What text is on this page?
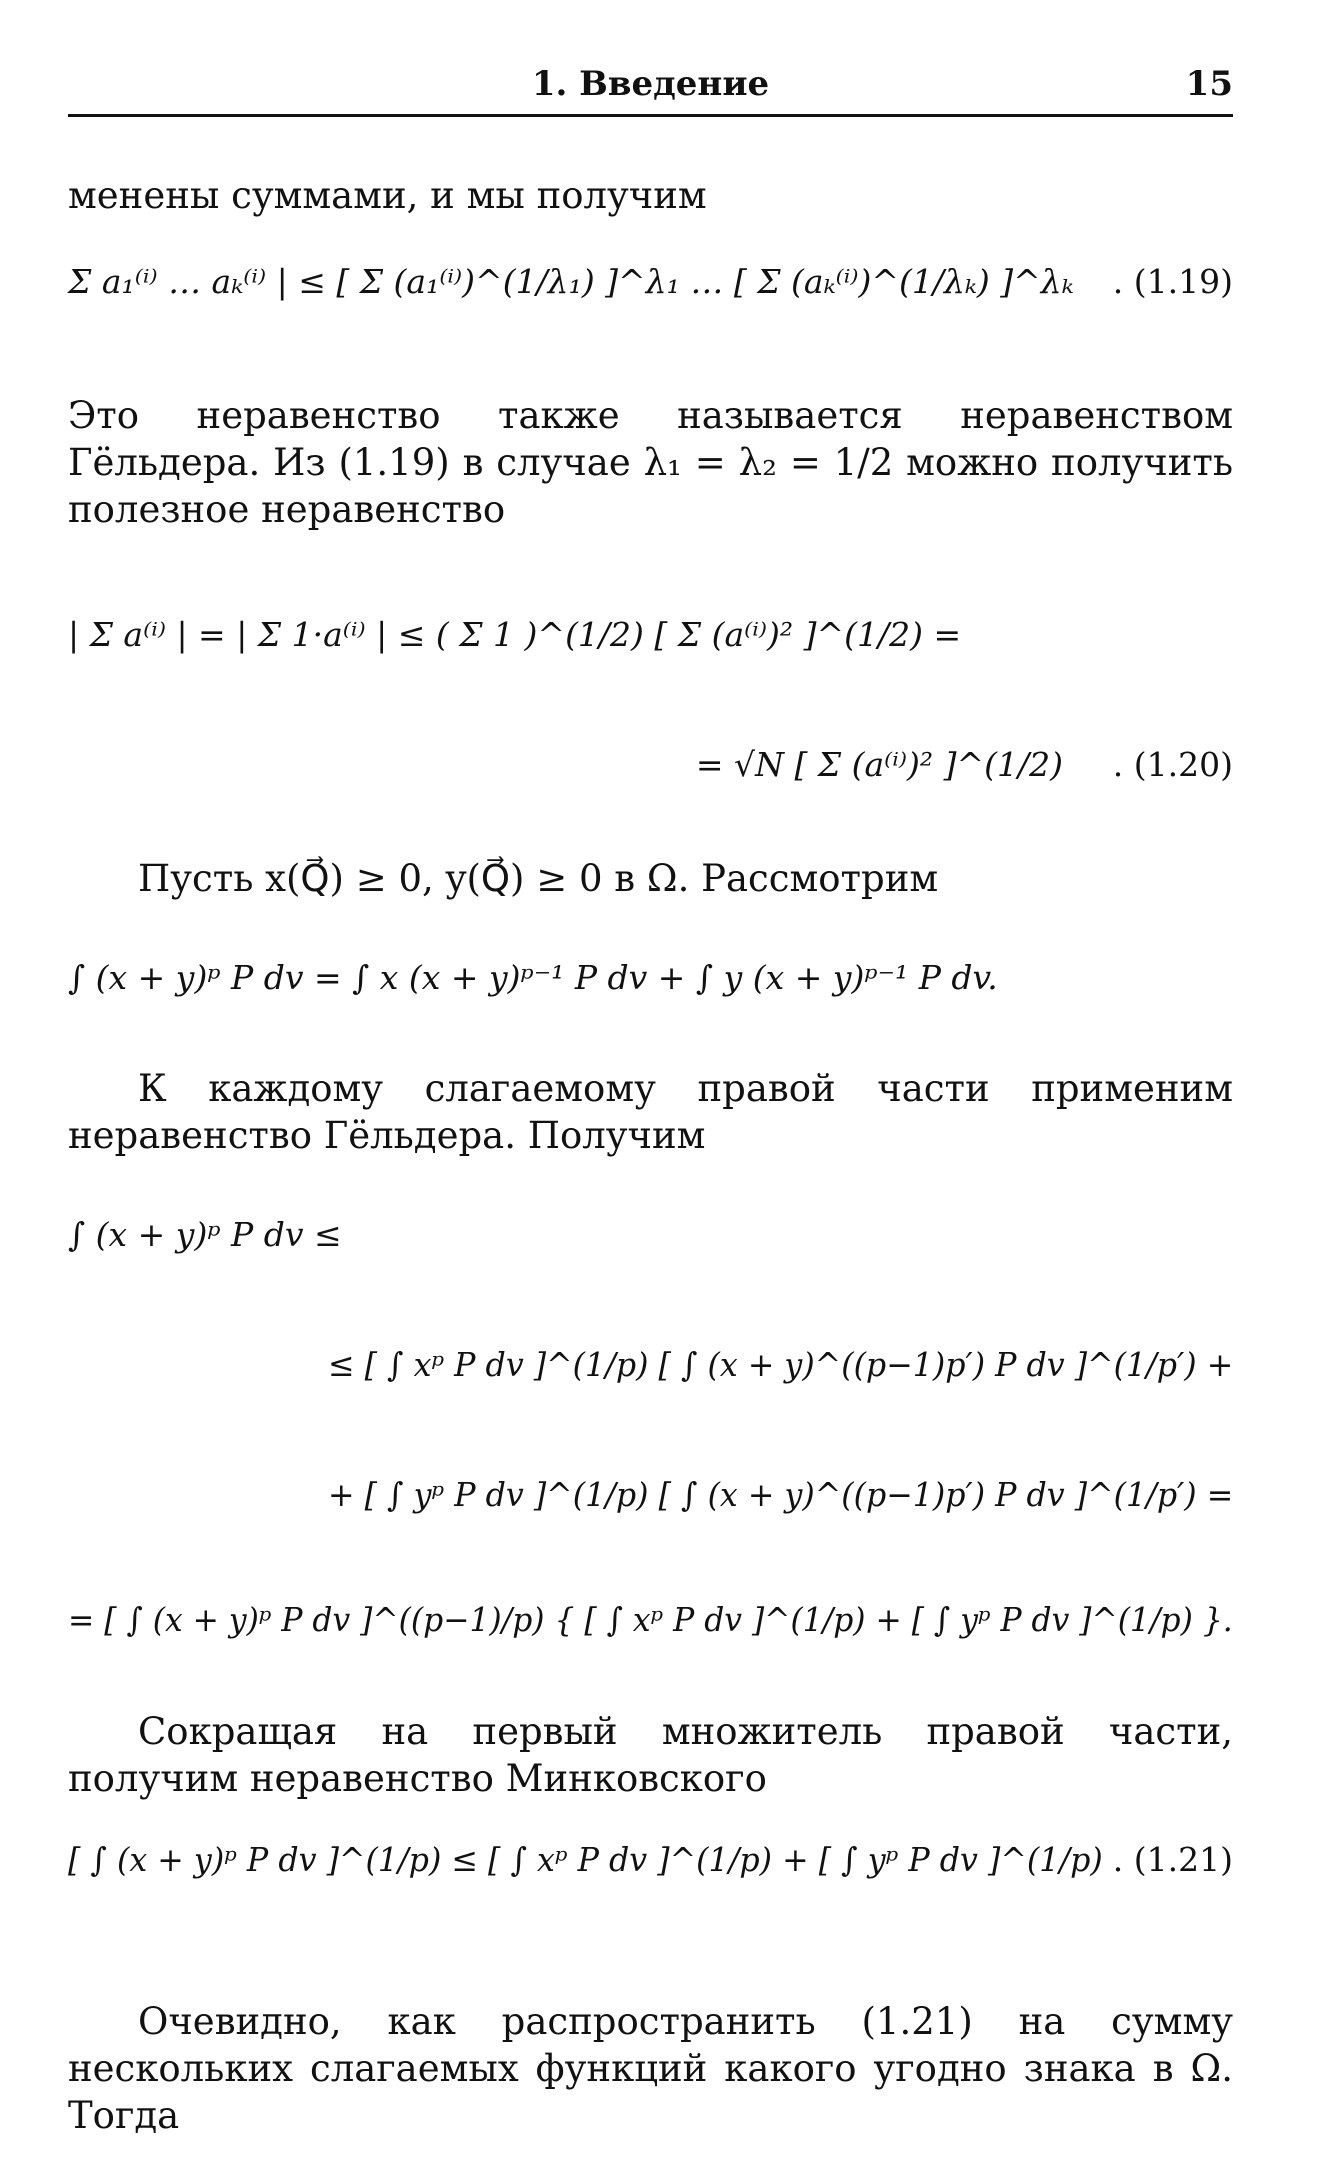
1. Введение	15
менены суммами, и мы получим
Σ a₁⁽ⁱ⁾ … aₖ⁽ⁱ⁾ | ≤ [ Σ (a₁⁽ⁱ⁾)^(1/λ₁) ]^λ₁ … [ Σ (aₖ⁽ⁱ⁾)^(1/λₖ) ]^λₖ . (1.19)
Это неравенство также называется неравенством Гёльдера. Из (1.19) в случае λ₁ = λ₂ = 1/2 можно получить полезное неравенство
| Σ a⁽ⁱ⁾ | = | Σ 1·a⁽ⁱ⁾ | ≤ ( Σ 1 )^(1/2) [ Σ (a⁽ⁱ⁾)² ]^(1/2) =
= √N [ Σ (a⁽ⁱ⁾)² ]^(1/2) . (1.20)
Пусть x(Q⃗) ≥ 0, y(Q⃗) ≥ 0 в Ω. Рассмотрим
∫ (x + y)ᵖ P dv = ∫ x (x + y)ᵖ⁻¹ P dv + ∫ y (x + y)ᵖ⁻¹ P dv.
К каждому слагаемому правой части применим неравенство Гёльдера. Получим
∫ (x + y)ᵖ P dv ≤
≤ [ ∫ xᵖ P dv ]^(1/p) [ ∫ (x + y)^((p−1)p′) P dv ]^(1/p′) +
+ [ ∫ yᵖ P dv ]^(1/p) [ ∫ (x + y)^((p−1)p′) P dv ]^(1/p′) =
= [ ∫ (x + y)ᵖ P dv ]^((p−1)/p) { [ ∫ xᵖ P dv ]^(1/p) + [ ∫ yᵖ P dv ]^(1/p) }.
Сокращая на первый множитель правой части, получим неравенство Минковского
[ ∫ (x + y)ᵖ P dv ]^(1/p) ≤ [ ∫ xᵖ P dv ]^(1/p) + [ ∫ yᵖ P dv ]^(1/p) . (1.21)
Очевидно, как распространить (1.21) на сумму нескольких слагаемых функций какого угодно знака в Ω. Тогда
